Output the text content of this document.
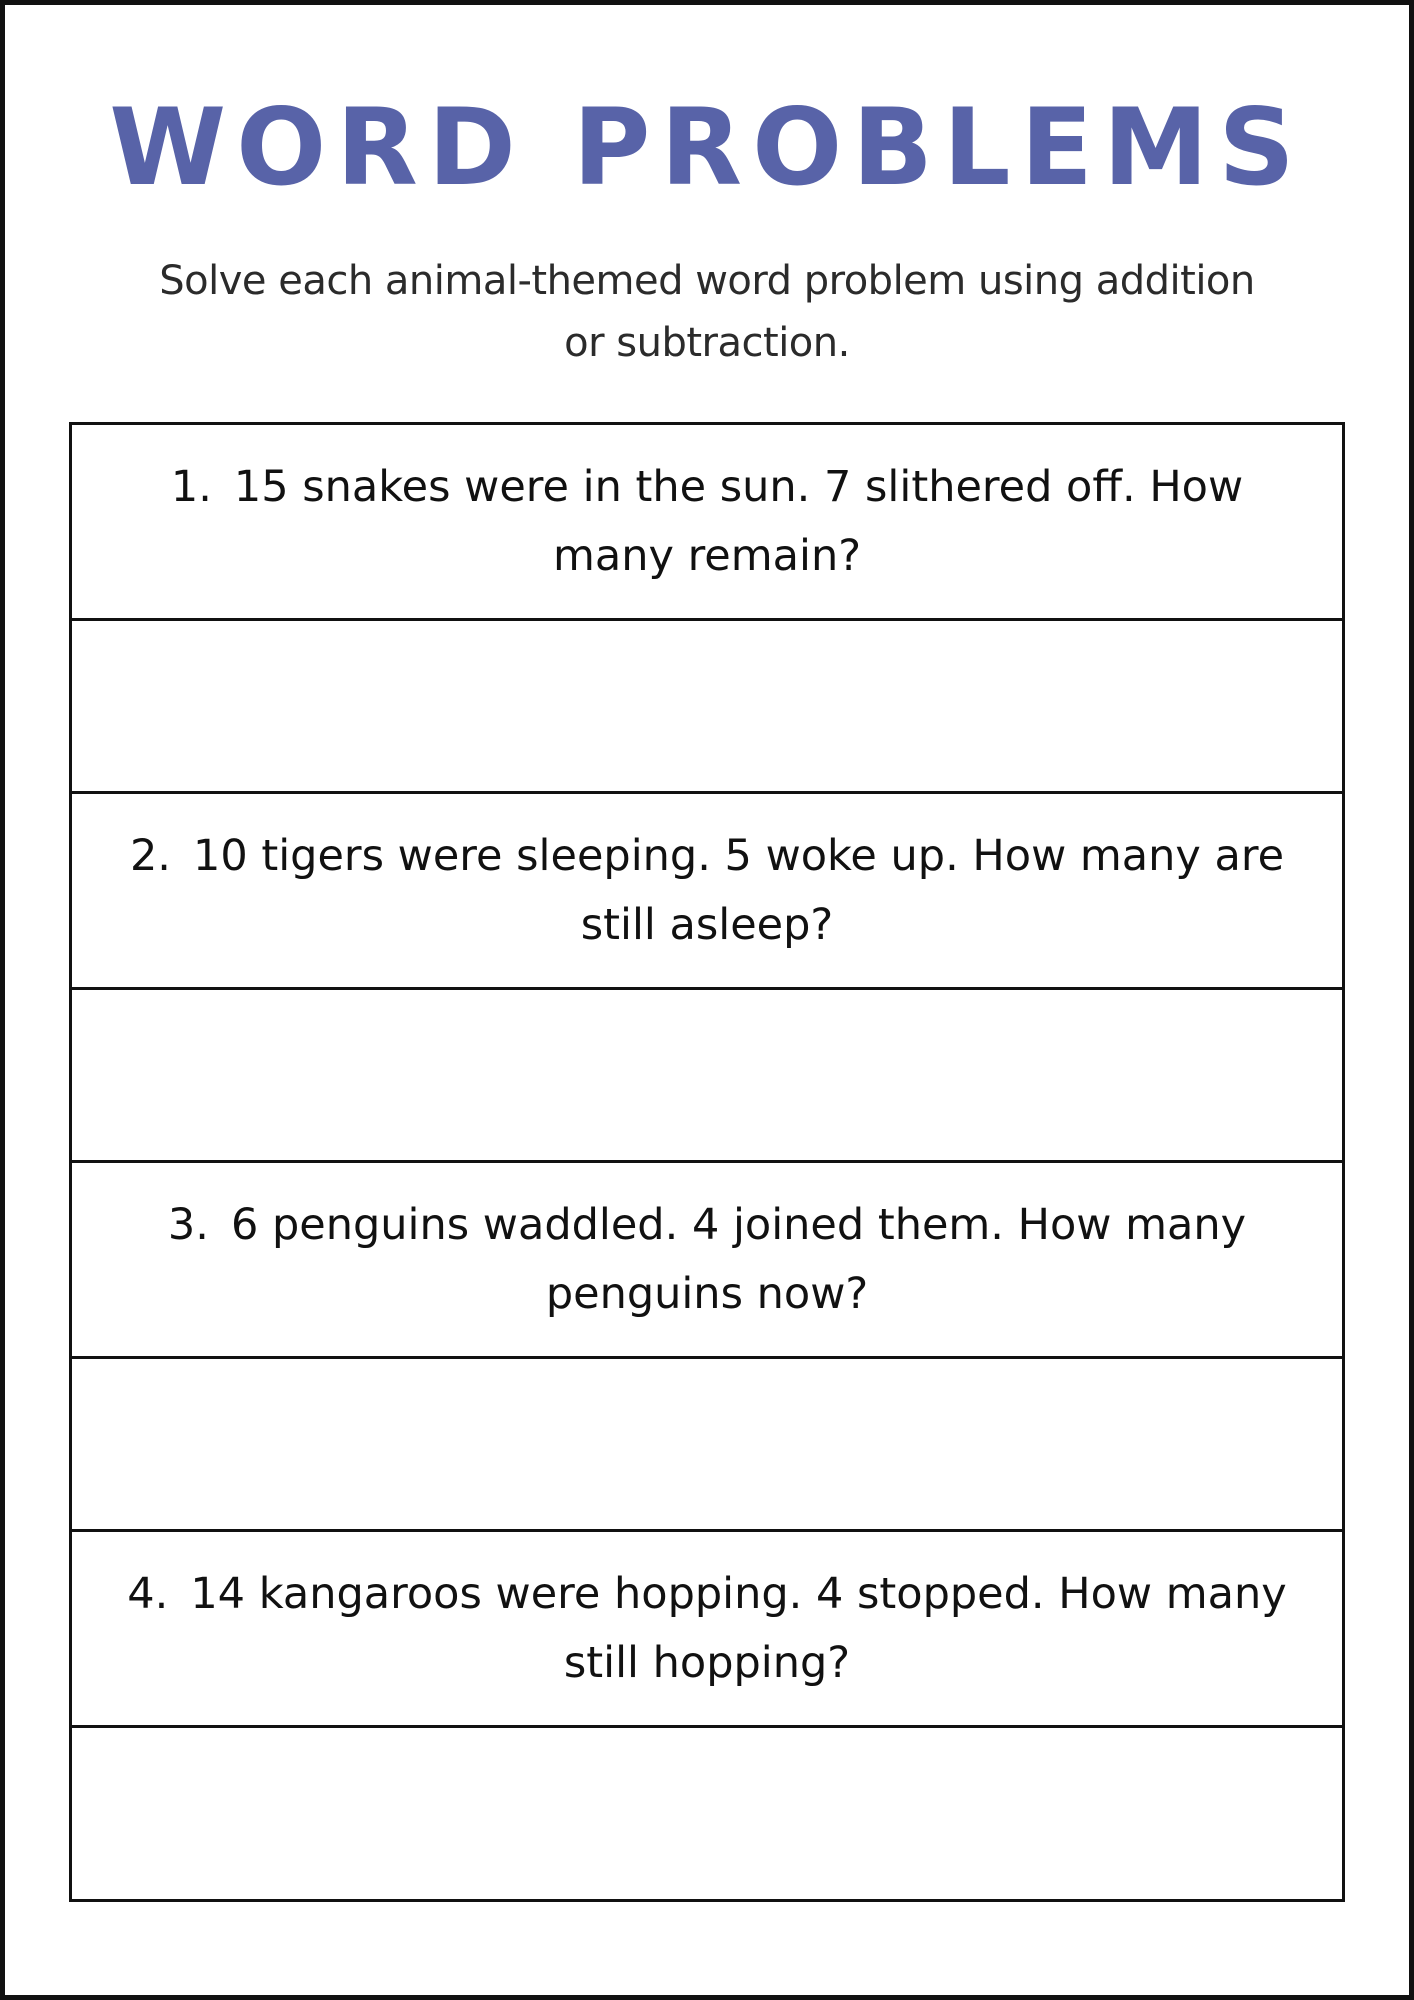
WORD PROBLEMS

Solve each animal-themed word problem using addition or subtraction.

1. 15 snakes were in the sun. 7 slithered off. How many remain?
2. 10 tigers were sleeping. 5 woke up. How many are still asleep?
3. 6 penguins waddled. 4 joined them. How many penguins now?
4. 14 kangaroos were hopping. 4 stopped. How many still hopping?
